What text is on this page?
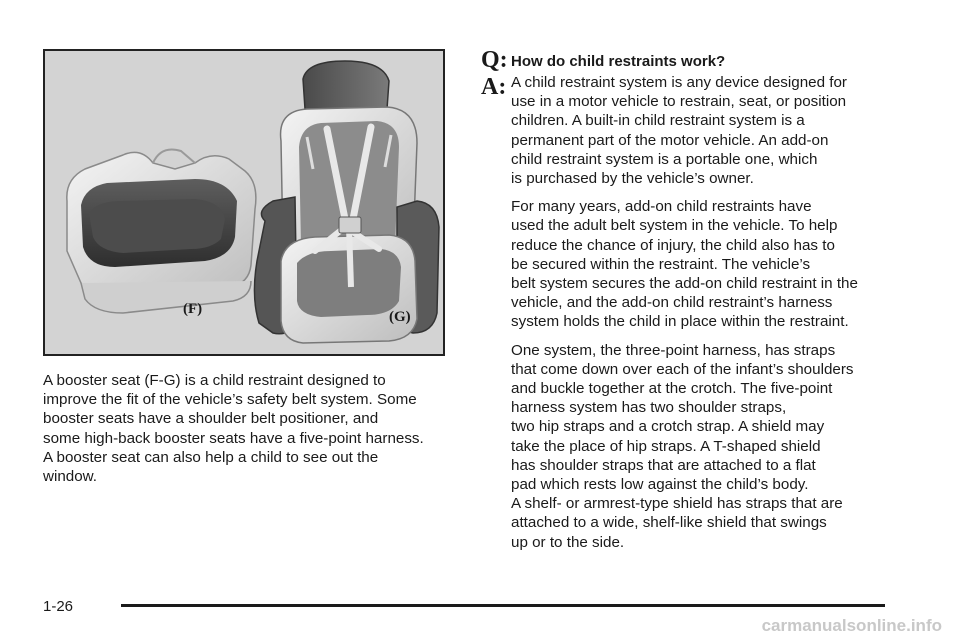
(F)	(G)

A booster seat (F-G) is a child restraint designed to
improve the fit of the vehicle’s safety belt system. Some
booster seats have a shoulder belt positioner, and
some high-back booster seats have a five-point harness.
A booster seat can also help a child to see out the
window.

Q: How do child restraints work?
A: A child restraint system is any device designed for
use in a motor vehicle to restrain, seat, or position
children. A built-in child restraint system is a
permanent part of the motor vehicle. An add-on
child restraint system is a portable one, which
is purchased by the vehicle’s owner.

For many years, add-on child restraints have
used the adult belt system in the vehicle. To help
reduce the chance of injury, the child also has to
be secured within the restraint. The vehicle’s
belt system secures the add-on child restraint in the
vehicle, and the add-on child restraint’s harness
system holds the child in place within the restraint.

One system, the three-point harness, has straps
that come down over each of the infant’s shoulders
and buckle together at the crotch. The five-point
harness system has two shoulder straps,
two hip straps and a crotch strap. A shield may
take the place of hip straps. A T-shaped shield
has shoulder straps that are attached to a flat
pad which rests low against the child’s body.
A shelf- or armrest-type shield has straps that are
attached to a wide, shelf-like shield that swings
up or to the side.

1-26
carmanualsonline.info
